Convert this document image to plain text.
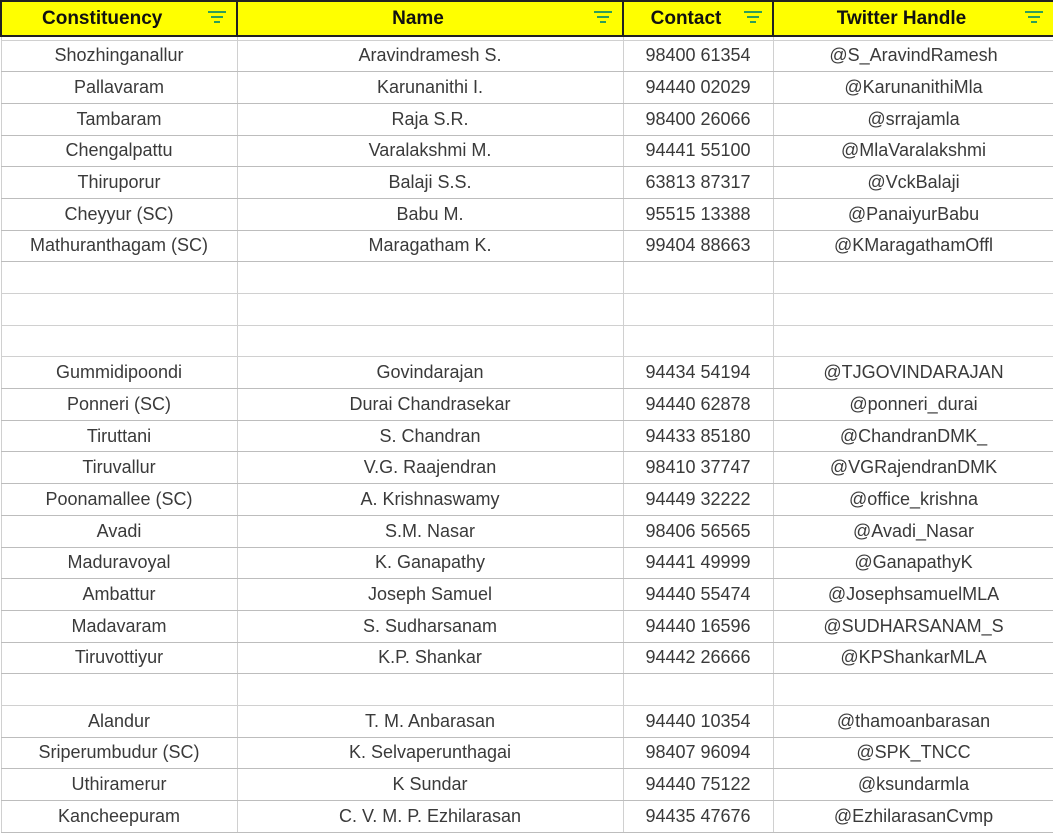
Constituency	Name	Contact	Twitter Handle

Shozhinganallur	Aravindramesh S.	98400 61354	@S_AravindRamesh
Pallavaram	Karunanithi I.	94440 02029	@KarunanithiMla
Tambaram	Raja S.R.	98400 26066	@srrajamla
Chengalpattu	Varalakshmi M.	94441 55100	@MlaVaralakshmi
Thiruporur	Balaji S.S.	63813 87317	@VckBalaji
Cheyyur (SC)	Babu M.	95515 13388	@PanaiyurBabu
Mathuranthagam (SC)	Maragatham K.	99404 88663	@KMaragathamOffl

Gummidipoondi	Govindarajan	94434 54194	@TJGOVINDARAJAN
Ponneri (SC)	Durai Chandrasekar	94440 62878	@ponneri_durai
Tiruttani	S. Chandran	94433 85180	@ChandranDMK_
Tiruvallur	V.G. Raajendran	98410 37747	@VGRajendranDMK
Poonamallee (SC)	A. Krishnaswamy	94449 32222	@office_krishna
Avadi	S.M. Nasar	98406 56565	@Avadi_Nasar
Maduravoyal	K. Ganapathy	94441 49999	@GanapathyK
Ambattur	Joseph Samuel	94440 55474	@JosephsamuelMLA
Madavaram	S. Sudharsanam	94440 16596	@SUDHARSANAM_S
Tiruvottiyur	K.P. Shankar	94442 26666	@KPShankarMLA

Alandur	T. M. Anbarasan	94440 10354	@thamoanbarasan
Sriperumbudur (SC)	K. Selvaperunthagai	98407 96094	@SPK_TNCC
Uthiramerur	K Sundar	94440 75122	@ksundarmla
Kancheepuram	C. V. M. P. Ezhilarasan	94435 47676	@EzhilarasanCvmp
